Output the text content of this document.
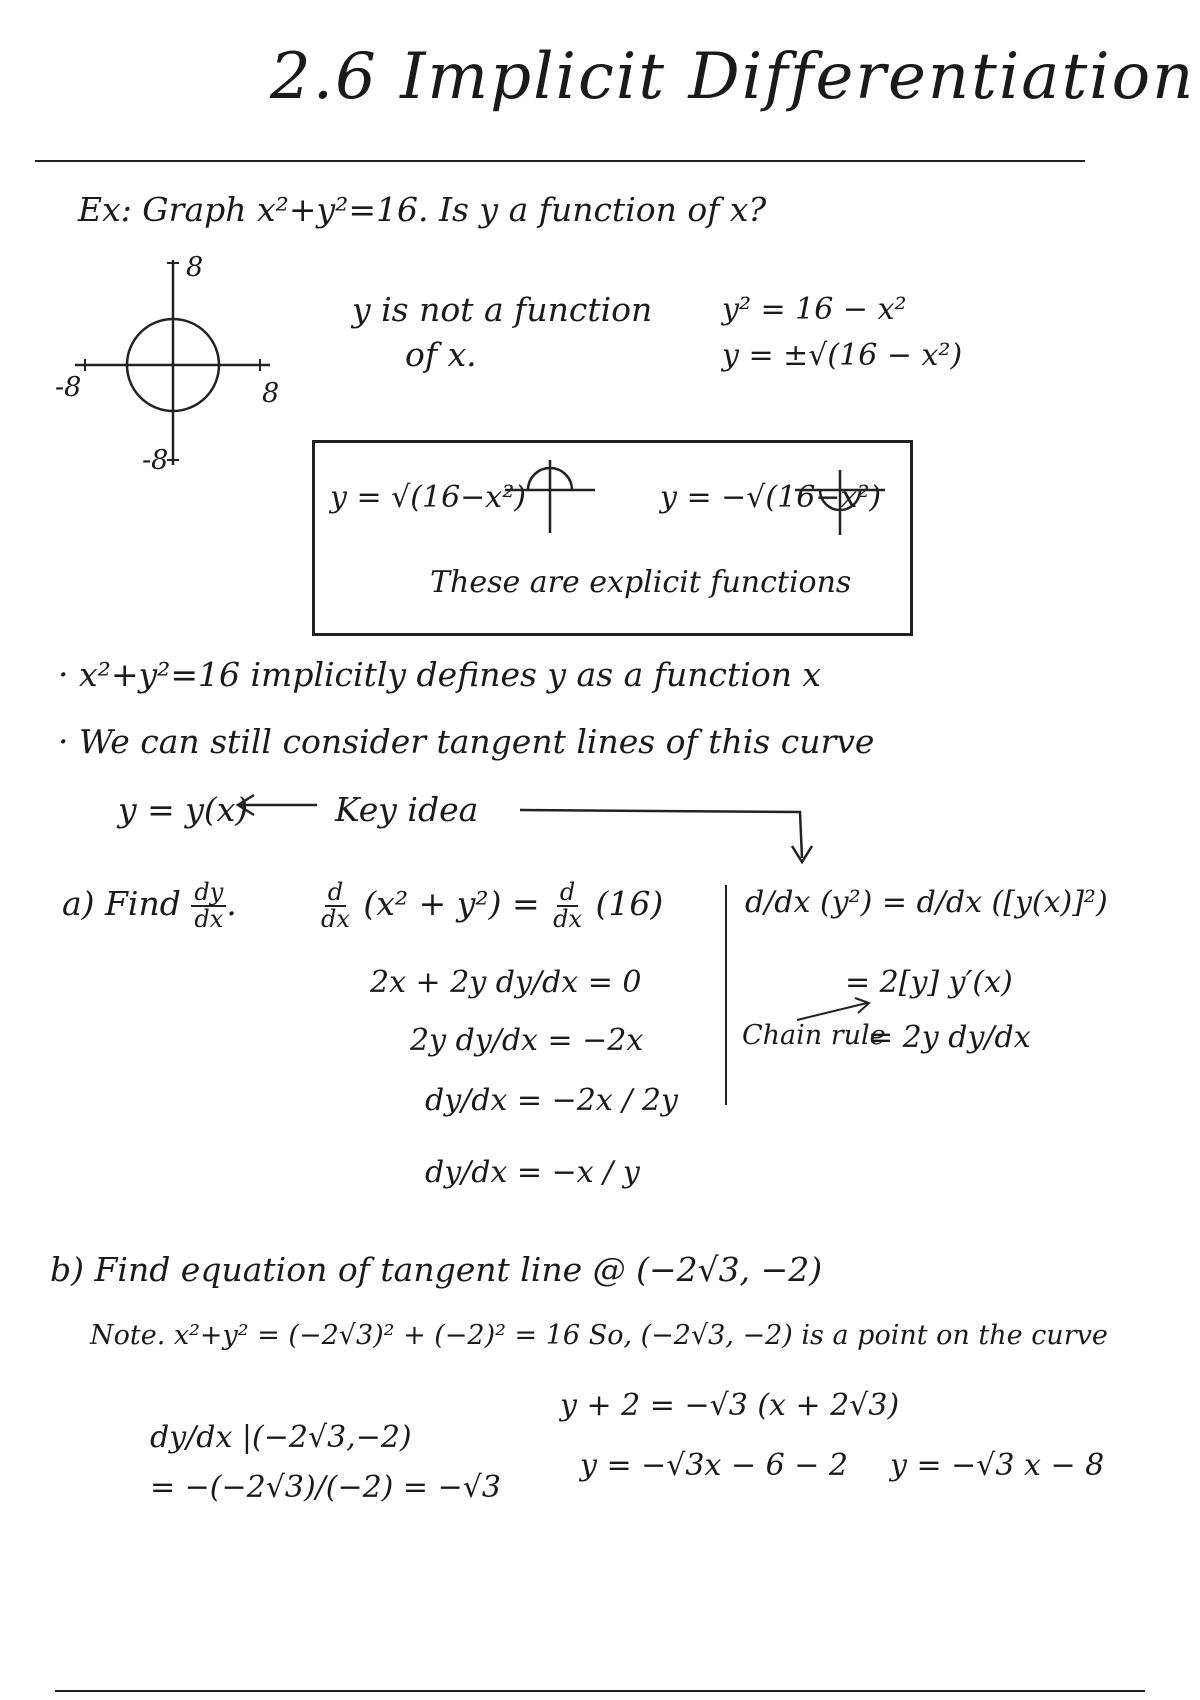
2.6 Implicit Differentiation
Ex: Graph x²+y²=16. Is y a function of x?
8
-8
-8	8
y is not a function
of x.
y² = 16 − x²
y = ±√(16 − x²)
y = √(16−x²)	y = −√(16−x²)
These are explicit functions
· x²+y²=16 implicitly defines y as a function x
· We can still consider tangent lines of this curve
y = y(x)	Key idea
a) Find $\frac{dy}{dx}$ .	$\frac{d}{dx} (x^2 + y^2) = \frac{d}{dx} (16)$
2x + 2y dy/dx = 0
2y dy/dx = −2x
dy/dx = −2x / 2y
dy/dx = −x / y
d/dx (y²) = d/dx ([y(x)]²)
= 2[y] y′(x)
Chain rule
= 2y dy/dx
b) Find equation of tangent line @ (−2√3, −2)
Note. x²+y² = (−2√3)² + (−2)² = 16 So, (−2√3, −2) is a point on the curve
dy/dx |(−2√3,−2)
= −(−2√3)/(−2) = −√3
y + 2 = −√3 (x + 2√3)
y = −√3x − 6 − 2 y = −√3 x − 8
